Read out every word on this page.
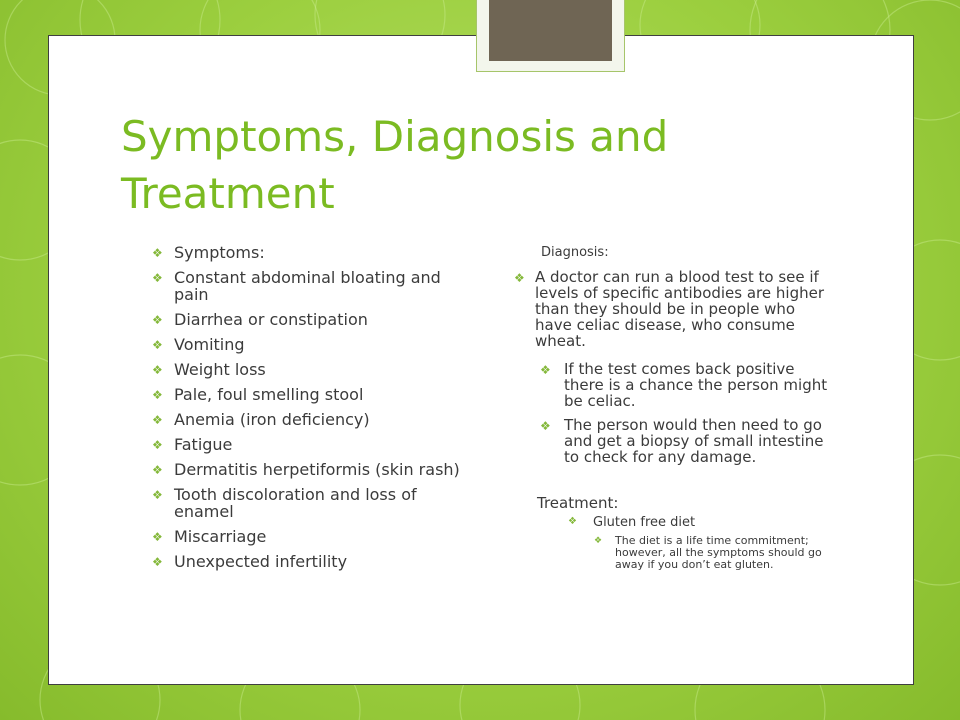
Symptoms, Diagnosis and Treatment
❖ Symptoms:
❖ Constant abdominal bloating and pain
❖ Diarrhea or constipation
❖ Vomiting
❖ Weight loss
❖ Pale, foul smelling stool
❖ Anemia (iron deficiency)
❖ Fatigue
❖ Dermatitis herpetiformis (skin rash)
❖ Tooth discoloration and loss of enamel
❖ Miscarriage
❖ Unexpected infertility
Diagnosis:
❖ A doctor can run a blood test to see if levels of specific antibodies are higher than they should be in people who have celiac disease, who consume wheat.
❖ If the test comes back positive there is a chance the person might be celiac.
❖ The person would then need to go and get a biopsy of small intestine to check for any damage.
Treatment:
❖ Gluten free diet
❖ The diet is a life time commitment; however, all the symptoms should go away if you don’t eat gluten.
